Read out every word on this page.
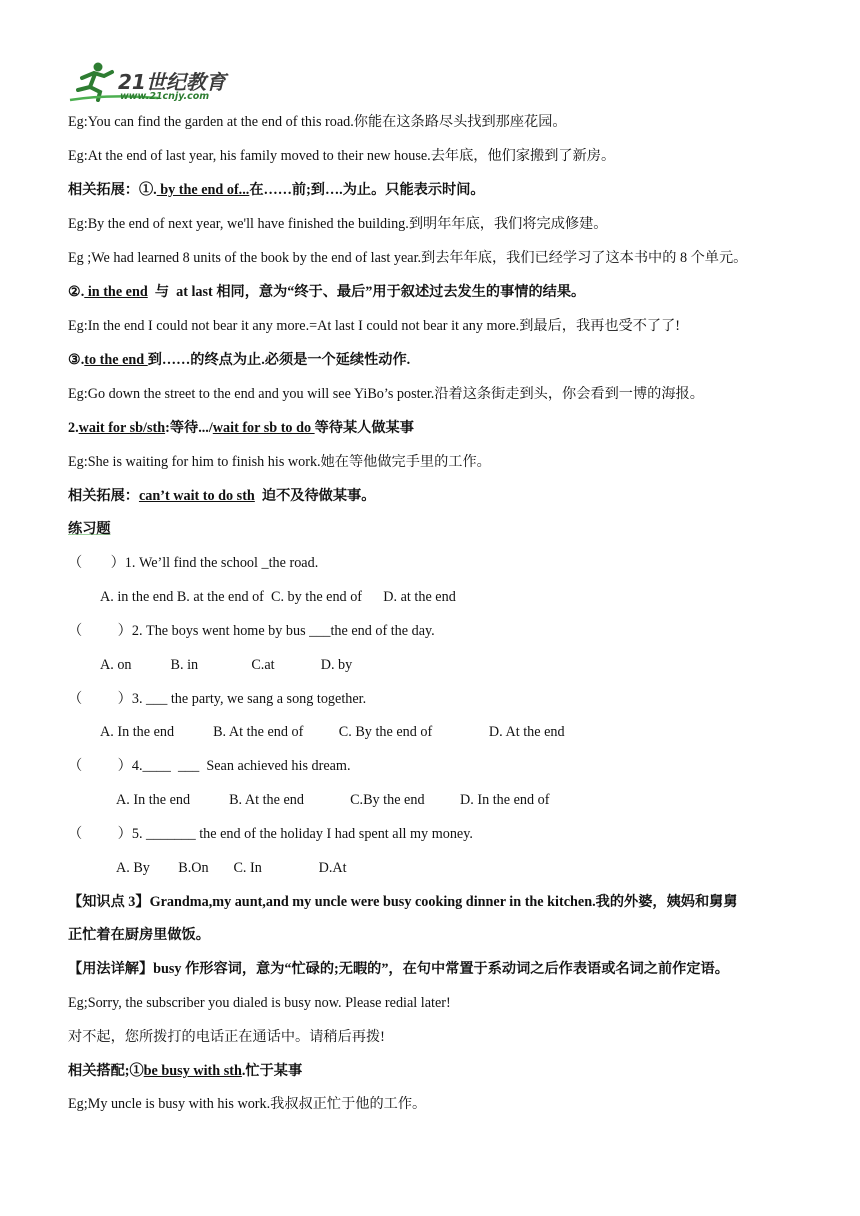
21世纪教育
www.21cnjy.com
Eg:You can find the garden at the end of this road.你能在这条路尽头找到那座花园。
Eg:At the end of last year, his family moved to their new house.去年底，他们家搬到了新房。
相关拓展：①. by the end of...在……前;到….为止。只能表示时间。
Eg:By the end of next year, we'll have finished the building.到明年年底，我们将完成修建。
Eg ;We had learned 8 units of the book by the end of last year.到去年年底，我们已经学习了这本书中的 8 个单元。
②. in the end  与  at last 相同，意为“终于、最后”用于叙述过去发生的事情的结果。
Eg:In the end I could not bear it any more.=At last I could not bear it any more.到最后，我再也受不了了!
③.to the end 到……的终点为止.必须是一个延续性动作.
Eg:Go down the street to the end and you will see YiBo’s poster.沿着这条街走到头，你会看到一博的海报。
2.wait for sb/sth:等待.../wait for sb to do 等待某人做某事
Eg:She is waiting for him to finish his work.她在等他做完手里的工作。
相关拓展：can’t wait to do sth  迫不及待做某事。
练习题
（        ）1. We’ll find the school _the road.
A. in the end B. at the end of  C. by the end of      D. at the end
（          ）2. The boys went home by bus ___the end of the day.
A. on           B. in               C.at             D. by
（          ）3. ___ the party, we sang a song together.
A. In the end           B. At the end of          C. By the end of                D. At the end
（          ）4.____  ___  Sean achieved his dream.
A. In the end           B. At the end             C.By the end          D. In the end of
（          ）5. _______ the end of the holiday I had spent all my money.
A. By        B.On       C. In                D.At
【知识点 3】Grandma,my aunt,and my uncle were busy cooking dinner in the kitchen.我的外婆，姨妈和舅舅
正忙着在厨房里做饭。
【用法详解】busy 作形容词，意为“忙碌的;无暇的”，在句中常置于系动词之后作表语或名词之前作定语。
Eg;Sorry, the subscriber you dialed is busy now. Please redial later!
对不起，您所拨打的电话正在通话中。请稍后再拨!
相关搭配;①be busy with sth.忙于某事
Eg;My uncle is busy with his work.我叔叔正忙于他的工作。
